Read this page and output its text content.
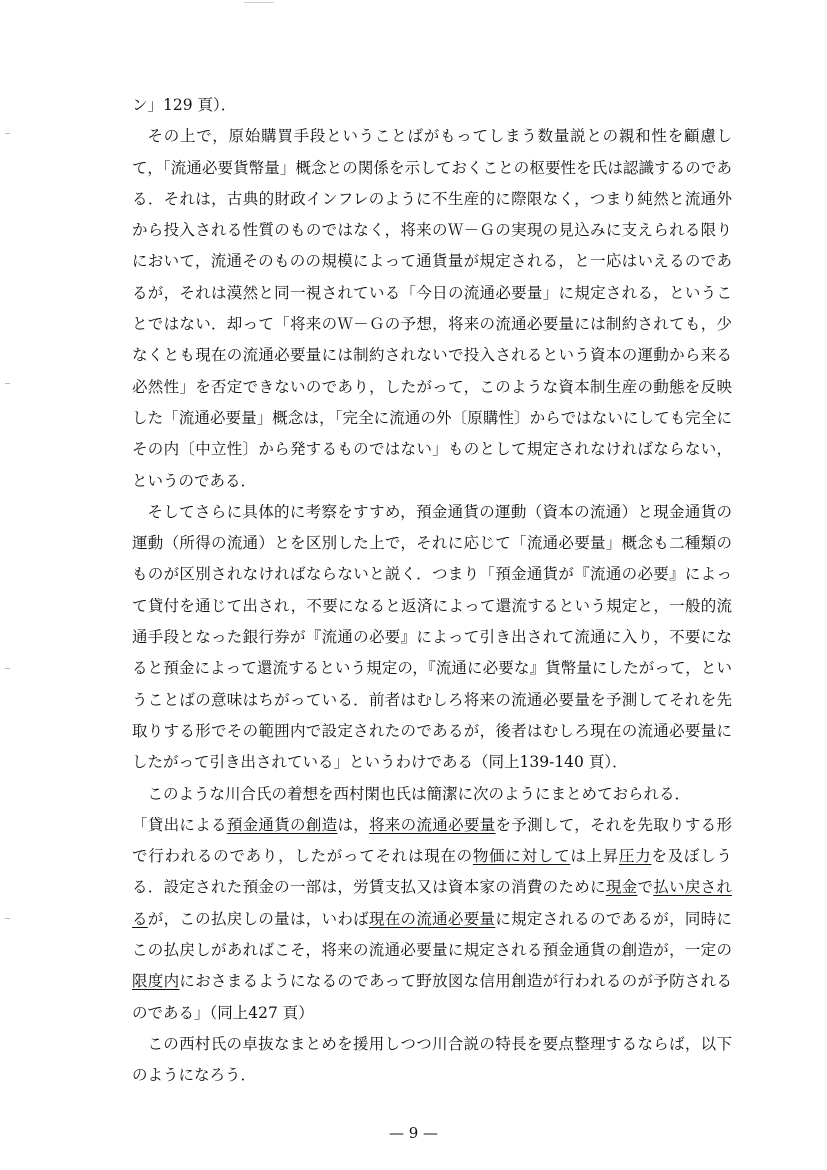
ン」129 頁）．

その上で，原始購買手段ということばがもってしまう数量説との親和性を顧慮して，「流通必要貨幣量」概念との関係を示しておくことの枢要性を氏は認識するのである．それは，古典的財政インフレのように不生産的に際限なく，つまり純然と流通外から投入される性質のものではなく，将来のＷ－Ｇの実現の見込みに支えられる限りにおいて，流通そのものの規模によって通貨量が規定される，と一応はいえるのであるが，それは漠然と同一視されている「今日の流通必要量」に規定される，ということではない．却って「将来のＷ－Ｇの予想，将来の流通必要量には制約されても，少なくとも現在の流通必要量には制約されないで投入されるという資本の運動から来る必然性」を否定できないのであり，したがって，このような資本制生産の動態を反映した「流通必要量」概念は，「完全に流通の外〔原購性〕からではないにしても完全にその内〔中立性〕から発するものではない」ものとして規定されなければならない，というのである．

そしてさらに具体的に考察をすすめ，預金通貨の運動（資本の流通）と現金通貨の運動（所得の流通）とを区別した上で，それに応じて「流通必要量」概念も二種類のものが区別されなければならないと説く．つまり「預金通貨が『流通の必要』によって貸付を通じて出され，不要になると返済によって還流するという規定と，一般的流通手段となった銀行券が『流通の必要』によって引き出されて流通に入り，不要になると預金によって還流するという規定の，『流通に必要な』貨幣量にしたがって，ということばの意味はちがっている．前者はむしろ将来の流通必要量を予測してそれを先取りする形でその範囲内で設定されたのであるが，後者はむしろ現在の流通必要量にしたがって引き出されている」というわけである（同上139-140 頁）．

このような川合氏の着想を西村閑也氏は簡潔に次のようにまとめておられる．

「貸出による預金通貨の創造は，将来の流通必要量を予測して，それを先取りする形で行われるのであり，したがってそれは現在の物価に対しては上昇圧力を及ぼしうる．設定された預金の一部は，労賃支払又は資本家の消費のために現金で払い戻されるが，この払戻しの量は，いわば現在の流通必要量に規定されるのであるが，同時にこの払戻しがあればこそ，将来の流通必要量に規定される預金通貨の創造が，一定の限度内におさまるようになるのであって野放図な信用創造が行われるのが予防されるのである」（同上427 頁）

この西村氏の卓抜なまとめを援用しつつ川合説の特長を要点整理するならば，以下のようになろう．

— 9 —
